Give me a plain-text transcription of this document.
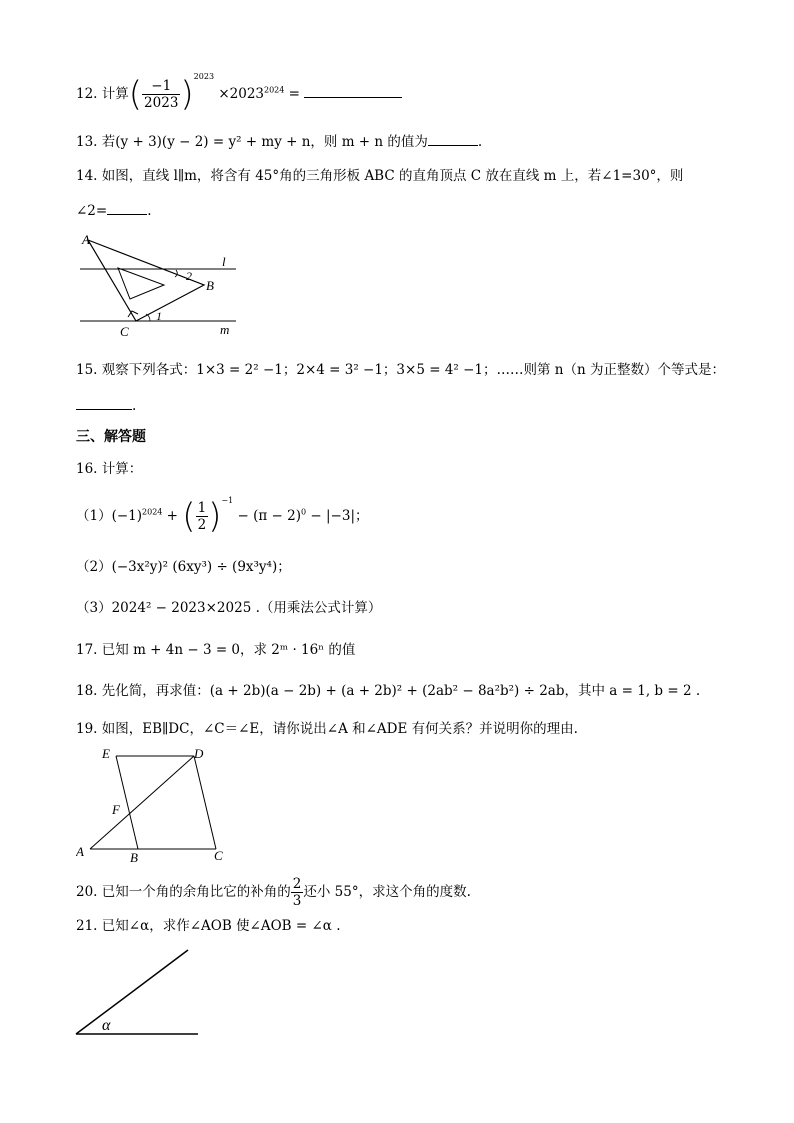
12. 计算( $\frac{-1}{2023} )^{2023} \times 2023^{2024}$ =
13. 若(y + 3)(y − 2) = y² + my + n，则 m + n 的值为	.
14. 如图，直线 l∥m，将含有 45°角的三角形板 ABC 的直角顶点 C 放在直线 m 上，若∠1=30°，则
∠2=	.
A
B
C
l
m
1
2
15. 观察下列各式：1×3 = 2² −1；2×4 = 3² −1；3×5 = 4² −1；……则第 n（n 为正整数）个等式是：
.
三、解答题
16. 计算：
$(1)(-1)^{2024}$ + ( $\frac{1}{2} )^{-1} - (\pi - 2)^0 - |-3|$；
（2）(−3x²y)² (6xy³) ÷ (9x³y⁴)；
（3）2024² − 2023×2025 .（用乘法公式计算）
17. 已知 m + 4n − 3 = 0，求 2ᵐ · 16ⁿ 的值
18. 先化简，再求值：(a + 2b)(a − 2b) + (a + 2b)² + (2ab² − 8a²b²) ÷ 2ab，其中 a = 1, b = 2 .
19. 如图，EB∥DC，∠C＝∠E，请你说出∠A 和∠ADE 有何关系？并说明你的理由.
E	D
F
A	B	C
20. 已知一个角的余角比它的补角的 $\frac{2}{3}$ 还小 55°，求这个角的度数.
21. 已知∠α，求作∠AOB 使∠AOB = ∠α .
α
